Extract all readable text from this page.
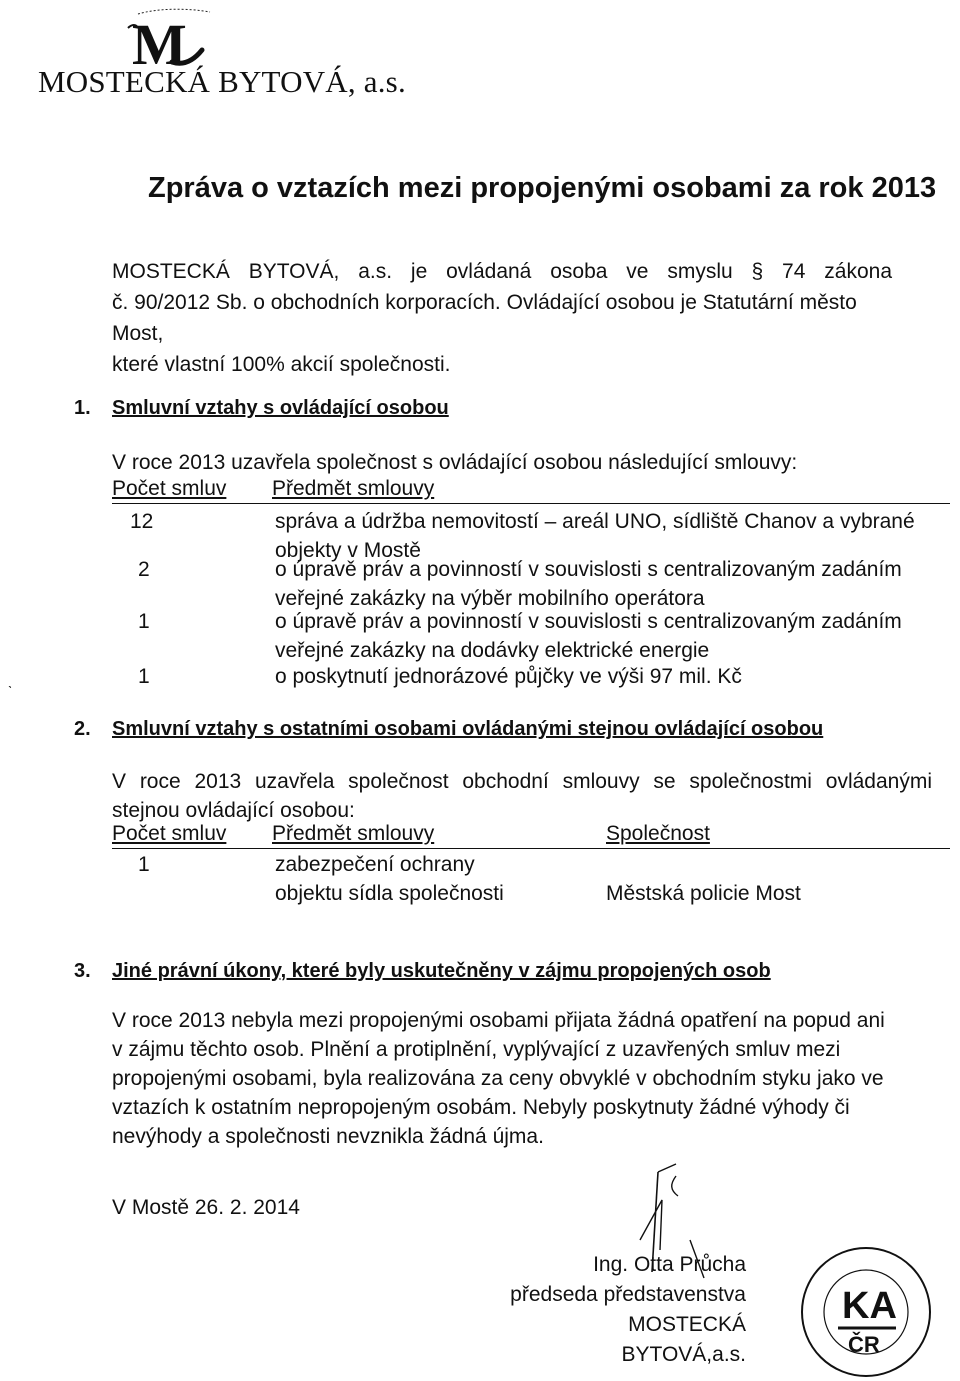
M
MOSTECKÁ BYTOVÁ, a.s.
Zpráva o vztazích mezi propojenými osobami za rok 2013
MOSTECKÁ BYTOVÁ, a.s. je ovládaná osoba ve smyslu § 74 zákona
č. 90/2012 Sb. o obchodních korporacích. Ovládající osobou je Statutární město Most,
které vlastní 100% akcií společnosti.
1. Smluvní vztahy s ovládající osobou
V roce 2013 uzavřela společnost s ovládající osobou následující smlouvy:
Počet smluv Předmět smlouvy
12	správa a údržba nemovitostí – areál UNO, sídliště Chanov a vybrané
objekty v Mostě
2	o úpravě práv a povinností v souvislosti s centralizovaným zadáním
veřejné zakázky na výběr mobilního operátora
1	o úpravě práv a povinností v souvislosti s centralizovaným zadáním
veřejné zakázky na dodávky elektrické energie
1	o poskytnutí jednorázové půjčky ve výši 97 mil. Kč
2. Smluvní vztahy s ostatními osobami ovládanými stejnou ovládající osobou
V roce 2013 uzavřela společnost obchodní smlouvy se společnostmi ovládanými
stejnou ovládající osobou:
Počet smluv Předmět smlouvy	Společnost
1	zabezpečení ochrany
objektu sídla společnosti	Městská policie Most
3. Jiné právní úkony, které byly uskutečněny v zájmu propojených osob
V roce 2013 nebyla mezi propojenými osobami přijata žádná opatření na popud ani
v zájmu těchto osob. Plnění a protiplnění, vyplývající z uzavřených smluv mezi
propojenými osobami, byla realizována za ceny obvyklé v obchodním styku jako ve
vztazích k ostatním nepropojeným osobám. Nebyly poskytnuty žádné výhody či
nevýhody a společnosti nevznikla žádná újma.
V Mostě 26. 2. 2014
Ing. Otta Průcha
předseda představenstva
MOSTECKÁ BYTOVÁ,a.s.
KA
ČR
ˎ
